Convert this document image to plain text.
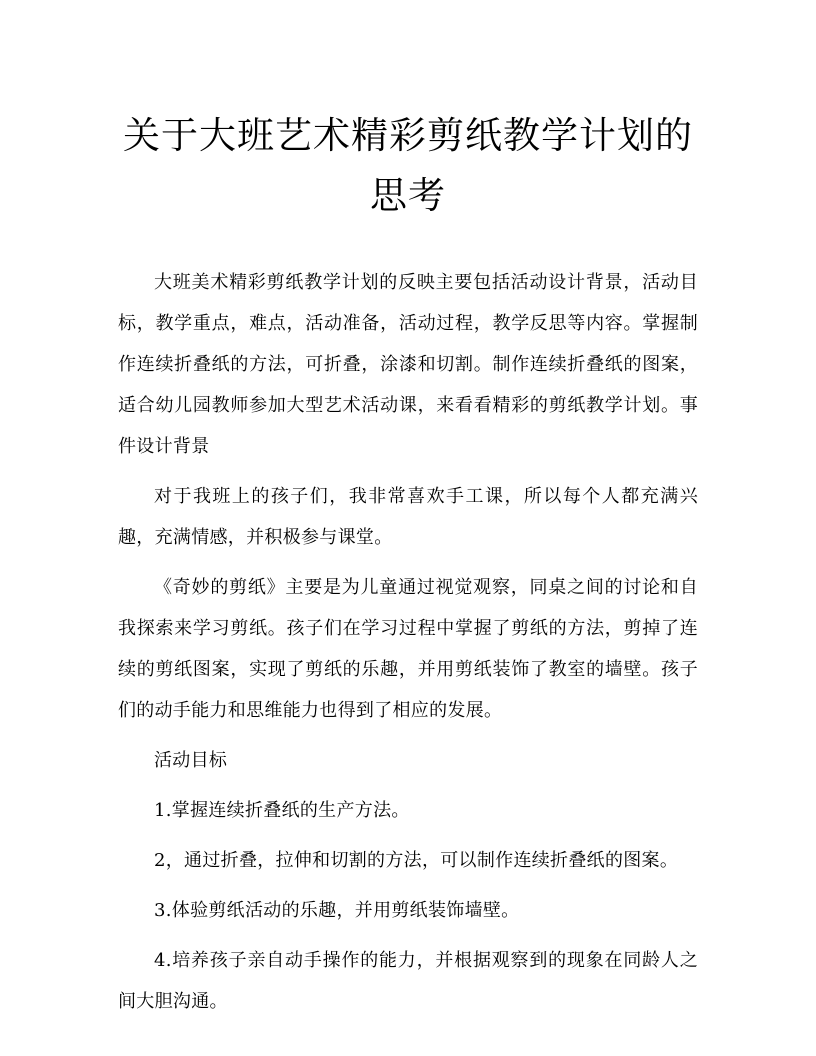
关于大班艺术精彩剪纸教学计划的思考

大班美术精彩剪纸教学计划的反映主要包括活动设计背景，活动目标，教学重点，难点，活动准备，活动过程，教学反思等内容。掌握制作连续折叠纸的方法，可折叠，涂漆和切割。制作连续折叠纸的图案，适合幼儿园教师参加大型艺术活动课，来看看精彩的剪纸教学计划。事件设计背景

对于我班上的孩子们，我非常喜欢手工课，所以每个人都充满兴趣，充满情感，并积极参与课堂。

《奇妙的剪纸》主要是为儿童通过视觉观察，同桌之间的讨论和自我探索来学习剪纸。孩子们在学习过程中掌握了剪纸的方法，剪掉了连续的剪纸图案，实现了剪纸的乐趣，并用剪纸装饰了教室的墙壁。孩子们的动手能力和思维能力也得到了相应的发展。

活动目标

1.掌握连续折叠纸的生产方法。

2，通过折叠，拉伸和切割的方法，可以制作连续折叠纸的图案。

3.体验剪纸活动的乐趣，并用剪纸装饰墙壁。

4.培养孩子亲自动手操作的能力，并根据观察到的现象在同龄人之间大胆沟通。
